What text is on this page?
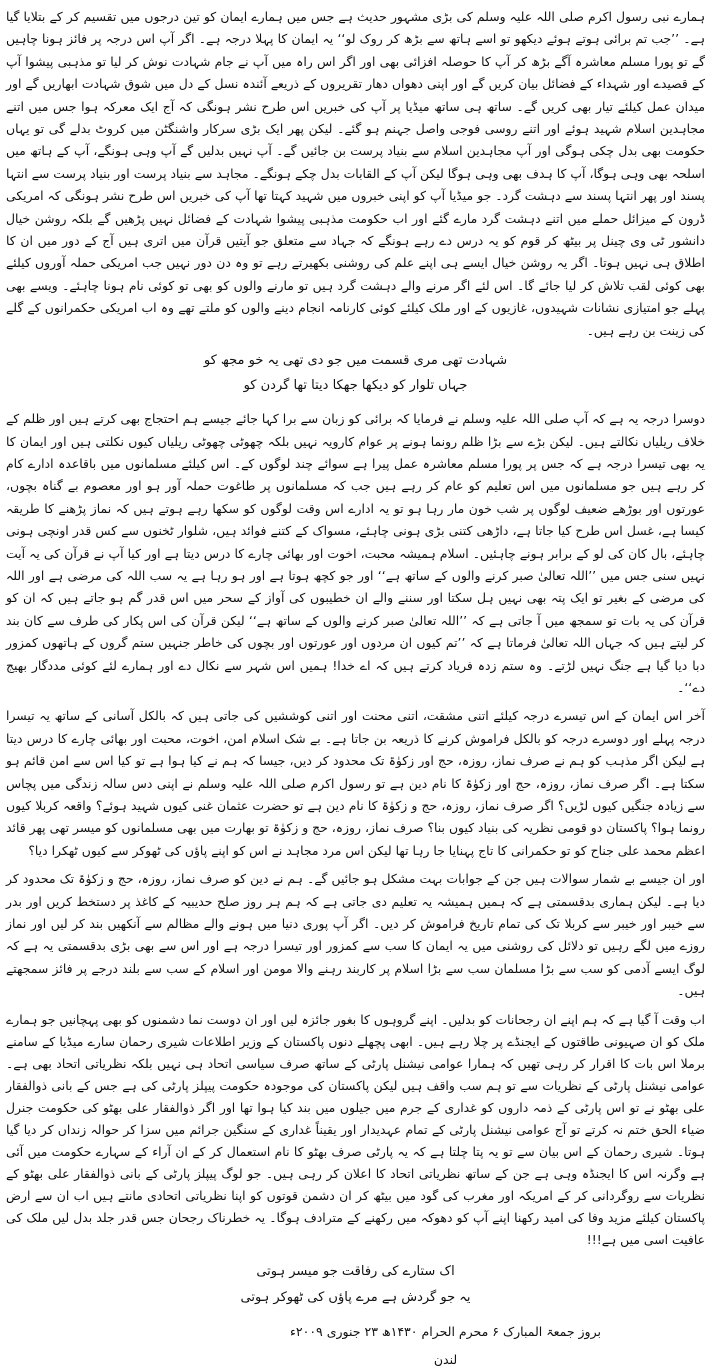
ہمارے نبی رسول اکرم صلی اللہ علیہ وسلم کی بڑی مشہور حدیث ہے جس میں ہمارے ایمان کو تین درجوں میں تقسیم کر کے بتلایا گیا ہے۔ ’’جب تم برائی ہوتے ہوئے دیکھو تو اسے ہاتھ سے بڑھ کر روک لو‘‘ یہ ایمان کا پہلا درجہ ہے۔ اگر آپ اس درجہ پر فائز ہونا چاہیں گے تو پورا مسلم معاشرہ آگے بڑھ کر آپ کا حوصلہ افزائی بھی اور اگر اس راہ میں آپ نے جام شہادت نوش کر لیا تو مذہبی پیشوا آپ کے قصیدے اور شہداء کے فضائل بیان کریں گے اور اپنی دھواں دھار تقریروں کے ذریعے آئندہ نسل کے دل میں شوق شہادت ابھاریں گے اور میدان عمل کیلئے تیار بھی کریں گے۔ ساتھ ہی ساتھ میڈیا پر آپ کی خبریں اس طرح نشر ہونگی کہ آج ایک معرکہ ہوا جس میں اتنے مجاہدین اسلام شہید ہوئے اور اتنے روسی فوجی واصل جہنم ہو گئے۔ لیکن پھر ایک بڑی سرکار واشنگٹن میں کروٹ بدلے گی تو یہاں حکومت بھی بدل چکی ہوگی اور آپ مجاہدین اسلام سے بنیاد پرست بن جائیں گے۔ آپ نہیں بدلیں گے آپ وہی ہونگے، آپ کے ہاتھ میں اسلحہ بھی وہی ہوگا، آپ کا ہدف بھی وہی ہوگا لیکن آپ کے القابات بدل چکے ہونگے۔ مجاہد سے بنیاد پرست اور بنیاد پرست سے انتہا پسند اور پھر انتہا پسند سے دہشت گرد۔ جو میڈیا آپ کو اپنی خبروں میں شہید کہتا تھا آپ کی خبریں اس طرح نشر ہونگی کہ امریکی ڈرون کے میزائل حملے میں اتنے دہشت گرد مارے گئے اور اب حکومت مذہبی پیشوا شہادت کے فضائل نہیں پڑھیں گے بلکہ روشن خیال دانشور ٹی وی چینل پر بیٹھ کر قوم کو یہ درس دے رہے ہونگے کہ جہاد سے متعلق جو آیتیں قرآن میں اتری ہیں آج کے دور میں ان کا اطلاق ہی نہیں ہوتا۔ اگر یہ روشن خیال ایسے ہی اپنے علم کی روشنی بکھیرتے رہے تو وہ دن دور نہیں جب امریکی حملہ آوروں کیلئے بھی کوئی لقب تلاش کر لیا جائے گا۔ اس لئے اگر مرنے والے دہشت گرد ہیں تو مارنے والوں کو بھی تو کوئی نام ہونا چاہئے۔ ویسے بھی پہلے جو امتیازی نشانات شہیدوں، غازیوں کے اور ملک کیلئے کوئی کارنامہ انجام دینے والوں کو ملتے تھے وہ اب امریکی حکمرانوں کے گلے کی زینت بن رہے ہیں۔

شہادت تھی مری قسمت میں جو دی تھی یہ خو مجھ کو
جہاں تلوار کو دیکھا جھکا دیتا تھا گردن کو

دوسرا درجہ یہ ہے کہ آپ صلی اللہ علیہ وسلم نے فرمایا کہ برائی کو زبان سے برا کہا جائے جیسے ہم احتجاج بھی کرتے ہیں اور ظلم کے خلاف ریلیاں نکالتے ہیں۔ لیکن بڑے سے بڑا ظلم رونما ہونے پر عوام کارویہ نہیں بلکہ چھوٹی چھوٹی ریلیاں کیوں نکلتی ہیں اور ایمان کا یہ بھی تیسرا درجہ ہے کہ جس پر پورا مسلم معاشرہ عمل پیرا ہے سوائے چند لوگوں کے۔ اس کیلئے مسلمانوں میں باقاعدہ ادارے کام کر رہے ہیں جو مسلمانوں میں اس تعلیم کو عام کر رہے ہیں جب کہ مسلمانوں پر طاغوت حملہ آور ہو اور معصوم بے گناہ بچوں، عورتوں اور بوڑھے ضعیف لوگوں پر شب خون مار رہا ہو تو یہ ادارے اس وقت لوگوں کو سکھا رہے ہوتے ہیں کہ نماز پڑھنے کا طریقہ کیسا ہے، غسل اس طرح کیا جاتا ہے، داڑھی کتنی بڑی ہونی چاہئے، مسواک کے کتنے فوائد ہیں، شلوار ٹخنوں سے کس قدر اونچی ہونی چاہئے، بال کان کی لو کے برابر ہونے چاہئیں۔ اسلام ہمیشہ محبت، اخوت اور بھائی چارے کا درس دیتا ہے اور کیا آپ نے قرآن کی یہ آیت نہیں سنی جس میں ’’اللہ تعالیٰ صبر کرنے والوں کے ساتھ ہے‘‘ اور جو کچھ ہوتا ہے اور ہو رہا ہے یہ سب اللہ کی مرضی ہے اور اللہ کی مرضی کے بغیر تو ایک پتہ بھی نہیں ہل سکتا اور سننے والے ان خطیبوں کی آواز کے سحر میں اس قدر گم ہو جاتے ہیں کہ ان کو قرآن کی یہ بات تو سمجھ میں آ جاتی ہے کہ ’’اللہ تعالیٰ صبر کرنے والوں کے ساتھ ہے‘‘ لیکن قرآن کی اس پکار کی طرف سے کان بند کر لیتے ہیں کہ جہاں اللہ تعالیٰ فرماتا ہے کہ ’’تم کیوں ان مردوں اور عورتوں اور بچوں کی خاطر جنہیں ستم گروں کے ہاتھوں کمزور دبا دیا گیا ہے جنگ نہیں لڑتے۔ وہ ستم زدہ فریاد کرتے ہیں کہ اے خدا! ہمیں اس شہر سے نکال دے اور ہمارے لئے کوئی مددگار بھیج دے‘‘۔

آخر اس ایمان کے اس تیسرے درجہ کیلئے اتنی مشقت، اتنی محنت اور اتنی کوششیں کی جاتی ہیں کہ بالکل آسانی کے ساتھ یہ تیسرا درجہ پہلے اور دوسرے درجہ کو بالکل فراموش کرنے کا ذریعہ بن جاتا ہے۔ بے شک اسلام امن، اخوت، محبت اور بھائی چارے کا درس دیتا ہے لیکن اگر مذہب کو ہم نے صرف نماز، روزہ، حج اور زکوٰۃ تک محدود کر دیں، جیسا کہ ہم نے کیا ہوا ہے تو کیا اس سے امن قائم ہو سکتا ہے۔ اگر صرف نماز، روزہ، حج اور زکوٰۃ کا نام دین ہے تو رسول اکرم صلی اللہ علیہ وسلم نے اپنی دس سالہ زندگی میں پچاس سے زیادہ جنگیں کیوں لڑیں؟ اگر صرف نماز، روزہ، حج و زکوٰۃ کا نام دین ہے تو حضرت عثمان غنی کیوں شہید ہوئے؟ واقعہ کربلا کیوں رونما ہوا؟ پاکستان دو قومی نظریہ کی بنیاد کیوں بنا؟ صرف نماز، روزہ، حج و زکوٰۃ تو بھارت میں بھی مسلمانوں کو میسر تھی پھر قائد اعظم محمد علی جناح کو تو حکمرانی کا تاج پہنایا جا رہا تھا لیکن اس مرد مجاہد نے اس کو اپنے پاؤں کی ٹھوکر سے کیوں ٹھکرا دیا؟

اور ان جیسے بے شمار سوالات ہیں جن کے جوابات بہت مشکل ہو جائیں گے۔ ہم نے دین کو صرف نماز، روزہ، حج و زکوٰۃ تک محدود کر دیا ہے۔ لیکن ہماری بدقسمتی ہے کہ ہمیں ہمیشہ یہ تعلیم دی جاتی ہے کہ ہم ہر روز صلح حدیبیہ کے کاغذ پر دستخط کریں اور بدر سے خیبر اور خیبر سے کربلا تک کی تمام تاریخ فراموش کر دیں۔ اگر آپ پوری دنیا میں ہونے والے مظالم سے آنکھیں بند کر لیں اور نماز روزے میں لگے رہیں تو دلائل کی روشنی میں یہ ایمان کا سب سے کمزور اور تیسرا درجہ ہے اور اس سے بھی بڑی بدقسمتی یہ ہے کہ لوگ ایسے آدمی کو سب سے بڑا مسلمان سب سے بڑا اسلام پر کاربند رہنے والا مومن اور اسلام کے سب سے بلند درجے پر فائز سمجھتے ہیں۔

اب وقت آ گیا ہے کہ ہم اپنے ان رجحانات کو بدلیں۔ اپنے گروہوں کا بغور جائزہ لیں اور ان دوست نما دشمنوں کو بھی پہچانیں جو ہمارے ملک کو ان صہیونی طاقتوں کے ایجنڈے پر چلا رہے ہیں۔ ابھی پچھلے دنوں پاکستان کے وزیر اطلاعات شیری رحمان سارے میڈیا کے سامنے برملا اس بات کا اقرار کر رہی تھیں کہ ہمارا عوامی نیشنل پارٹی کے ساتھ صرف سیاسی اتحاد ہی نہیں بلکہ نظریاتی اتحاد بھی ہے۔ عوامی نیشنل پارٹی کے نظریات سے تو ہم سب واقف ہیں لیکن پاکستان کی موجودہ حکومت پیپلز پارٹی کی ہے جس کے بانی ذوالفقار علی بھٹو نے تو اس پارٹی کے ذمہ داروں کو غداری کے جرم میں جیلوں میں بند کیا ہوا تھا اور اگر ذوالفقار علی بھٹو کی حکومت جنرل ضیاء الحق ختم نہ کرتے تو آج عوامی نیشنل پارٹی کے تمام عہدیدار اور یقیناً غداری کے سنگین جرائم میں سزا کر حوالہ زنداں کر دیا گیا ہوتا۔ شیری رحمان کے اس بیان سے تو یہ پتا چلتا ہے کہ یہ پارٹی صرف بھٹو کا نام استعمال کر کے ان آراء کے سہارے حکومت میں آئی ہے وگرنہ اس کا ایجنڈہ وہی ہے جن کے ساتھ نظریاتی اتحاد کا اعلان کر رہی ہیں۔ جو لوگ پیپلز پارٹی کے بانی ذوالفقار علی بھٹو کے نظریات سے روگردانی کر کے امریکہ اور مغرب کی گود میں بیٹھ کر ان دشمن قوتوں کو اپنا نظریاتی اتحادی مانتے ہیں اب ان سے ارض پاکستان کیلئے مزید وفا کی امید رکھنا اپنے آپ کو دھوکہ میں رکھنے کے مترادف ہوگا۔ یہ خطرناک رجحان جس قدر جلد بدل لیں ملک کی عافیت اسی میں ہے!!!

اک ستارے کی رفاقت جو میسر ہوتی
یہ جو گردش ہے مرے پاؤں کی ٹھوکر ہوتی
بروز جمعۃ المبارک ۶ محرم الحرام ۱۴۳۰ھ ۲۳ جنوری ۲۰۰۹ء
لندن
